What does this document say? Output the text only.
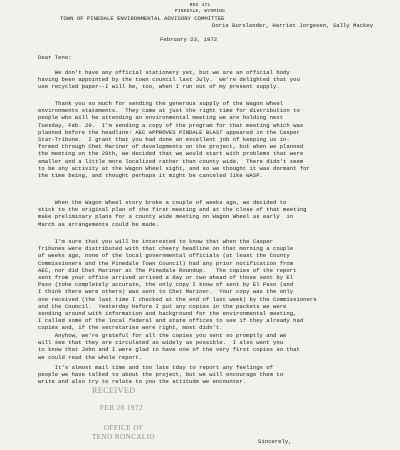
BOX 471
PINEDALE, WYOMING
TOWN OF PINEDALE ENVIRONMENTAL ADVISORY COMMITTEE
Doris Burslander, Harriet Jorgesen, Sally Mackey
February 23, 1972
Dear Teno:
We don't have any official stationery yet, but we are an official body
having been appointed by the town council last July.  We're delighted that you
use recycled paper--I will be, too, when I run out of my present supply.
Thank you so much for sending the generous supply of the Wagon Wheel
environments statements.  They came at just the right time for distribution to
people who will be attending an environmental meeting we are holding next
Tuesday, Feb. 29.  I'm sending a copy of the program for that meeting which was
planned before the headline: AEC APPROVES PINDALE BLAST appeared in the Casper
Star-Tribune.  I grant that you had done an excellent job of keeping us in-
formed through Chet Mariner of developments on the project, but when we planned
the meeting on the 29th, we decided that we would start with problems that were
smaller and a little more localized rather than county wide.  There didn't seem
to be any activity at the Wagon Wheel sight, and so we thought it was dormant for
the time being, and thought perhaps it might be canceled like WASP.
When the Wagon Wheel story broke a couple of weeks ago, we decided to
stick to the original plan of the first meeting and at the close of that meeting
make preliminary plans for a county wide meeting on Wagon Wheel as early  in
March as arrangements could be made.
I'm sure that you will be interested to know that when the Casper
Tribunes were distributed with that cheery headline on that morning a couple
of weeks ago, none of the local governmental officials (at least the County
Commissioners and the Pinedale Town Council) had any prior notification from
AEC, nor did Chet Mariner at The Pinedale Roundup.   The copies of the report
sent from your office arrived arrived a day or two ahead of those sent by El
Paso (tohe completely accurate, the only copy I know of sent by El Paso (and
I think there were others) was sent to Chet Mariner.  Your copy was the only
one received (the last time I checked at the end of last week) by the Commissioners
and the Council.  Yesterday before I put any copies in the packets we were
sending around with information and background for the environmental meeting,
I called some of the local federal and state offices to see if they already had
copies and, if the secretaries were right, most didn't.
Anyhow, we're grateful for all the copies you sent so promptly and we
will see that they are circulated as widely as possible.  I also want you
to know that John and I were glad to have one of the very first copies so that
we could read the whole report.
It's almost mail time and too late tday to report any feelings of
people we have talked to about the project, but we will encourage them to
write and also try to relate to you the attitude we encounter.
Sincerely,
RECEIVED
FEB 28 1972
OFFICE OF
TENO RONCALIO
